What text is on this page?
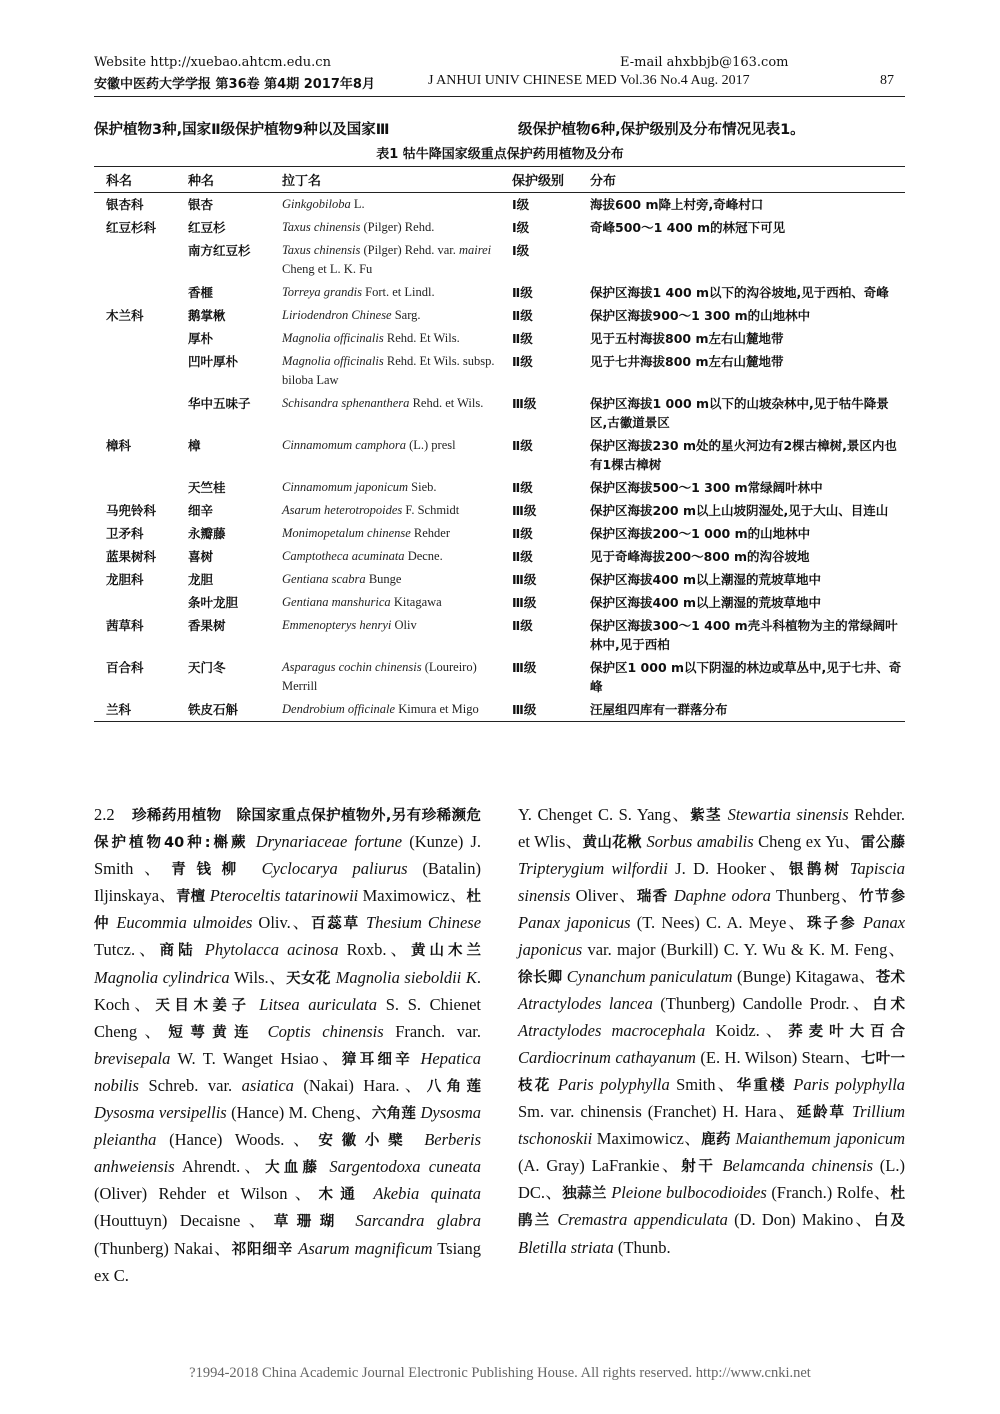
Website http://xuebao.ahtcm.edu.cn	E-mail ahxbbjb@163.com
安徽中医药大学学报 第36卷 第4期 2017年8月	J ANHUI UNIV CHINESE MED Vol.36 No.4 Aug. 2017	87
保护植物3种,国家Ⅱ级保护植物9种以及国家Ⅲ	级保护植物6种,保护级别及分布情况见表1。
表1 牯牛降国家级重点保护药用植物及分布
科名	种名	拉丁名	保护级别	分布
银杏科	银杏	Ginkgobiloba L.	Ⅰ级	海拔600 m降上村旁,奇峰村口
红豆杉科	红豆杉	Taxus chinensis (Pilger) Rehd.	Ⅰ级	奇峰500～1 400 m的林冠下可见
	南方红豆杉	Taxus chinensis (Pilger) Rehd. var. mairei Cheng et L. K. Fu	Ⅰ级	
	香榧	Torreya grandis Fort. et Lindl.	Ⅱ级	保护区海拔1 400 m以下的沟谷坡地,见于西柏、奇峰
木兰科	鹅掌楸	Liriodendron Chinese Sarg.	Ⅱ级	保护区海拔900～1 300 m的山地林中
	厚朴	Magnolia officinalis Rehd. Et Wils.	Ⅱ级	见于五村海拔800 m左右山麓地带
	凹叶厚朴	Magnolia officinalis Rehd. Et Wils. subsp. biloba Law	Ⅱ级	见于七井海拔800 m左右山麓地带
	华中五味子	Schisandra sphenanthera Rehd. et Wils.	Ⅲ级	保护区海拔1 000 m以下的山坡杂林中,见于牯牛降景区,古徽道景区
樟科	樟	Cinnamomum camphora (L.) presl	Ⅱ级	保护区海拔230 m处的星火河边有2棵古樟树,景区内也有1棵古樟树
	天竺桂	Cinnamomum japonicum Sieb.	Ⅱ级	保护区海拔500～1 300 m常绿阔叶林中
马兜铃科	细辛	Asarum heterotropoides F. Schmidt	Ⅲ级	保护区海拔200 m以上山坡阴湿处,见于大山、目连山
卫矛科	永瓣藤	Monimopetalum chinense Rehder	Ⅱ级	保护区海拔200～1 000 m的山地林中
蓝果树科	喜树	Camptotheca acuminata Decne.	Ⅱ级	见于奇峰海拔200～800 m的沟谷坡地
龙胆科	龙胆	Gentiana scabra Bunge	Ⅲ级	保护区海拔400 m以上潮湿的荒坡草地中
	条叶龙胆	Gentiana manshurica Kitagawa	Ⅲ级	保护区海拔400 m以上潮湿的荒坡草地中
茜草科	香果树	Emmenopterys henryi Oliv	Ⅱ级	保护区海拔300～1 400 m壳斗科植物为主的常绿阔叶林中,见于西柏
百合科	天门冬	Asparagus cochin chinensis (Loureiro) Merrill	Ⅲ级	保护区1 000 m以下阴湿的林边或草丛中,见于七井、奇峰
兰科	铁皮石斛	Dendrobium officinale Kimura et Migo	Ⅲ级	汪屋组四库有一群落分布
2.2　珍稀药用植物　除国家重点保护植物外,另有珍稀濒危保护植物40种:槲蕨 Drynariaceae fortune (Kunze) J. Smith、青钱柳 Cyclocarya paliurus (Batalin) Iljinskaya、青檀 Pteroceltis tatarinowii Maximowicz、杜仲 Eucommia ulmoides Oliv.、百蕊草 Thesium Chinese Tutcz.、商陆 Phytolacca acinosa Roxb.、黄山木兰 Magnolia cylindrica Wils.、天女花 Magnolia sieboldii K. Koch、天目木姜子 Litsea auriculata S. S. Chienet Cheng、短萼黄连 Coptis chinensis Franch. var. brevisepala W. T. Wanget Hsiao、獐耳细辛 Hepatica nobilis Schreb. var. asiatica (Nakai) Hara.、八角莲 Dysosma versipellis (Hance) M. Cheng、六角莲 Dysosma pleiantha (Hance) Woods.、安徽小檗 Berberis anhweiensis Ahrendt.、大血藤 Sargentodoxa cuneata (Oliver) Rehder et Wilson、木通 Akebia quinata (Houttuyn) Decaisne、草珊瑚 Sarcandra glabra (Thunberg) Nakai、祁阳细辛 Asarum magnificum Tsiang ex C.
Y. Chenget C. S. Yang、紫茎 Stewartia sinensis Rehder. et Wlis、黄山花楸 Sorbus amabilis Cheng ex Yu、雷公藤 Tripterygium wilfordii J. D. Hooker、银鹊树 Tapiscia sinensis Oliver、瑞香 Daphne odora Thunberg、竹节参 Panax japonicus (T. Nees) C. A. Meye、珠子参 Panax japonicus var. major (Burkill) C. Y. Wu & K. M. Feng、徐长卿 Cynanchum paniculatum (Bunge) Kitagawa、苍术 Atractylodes lancea (Thunberg) Candolle Prodr.、白术 Atractylodes macrocephala Koidz.、荞麦叶大百合 Cardiocrinum cathayanum (E. H. Wilson) Stearn、七叶一枝花 Paris polyphylla Smith、华重楼 Paris polyphylla Sm. var. chinensis (Franchet) H. Hara、延龄草 Trillium tschonoskii Maximowicz、鹿药 Maianthemum japonicum (A. Gray) LaFrankie、射干 Belamcanda chinensis (L.) DC.、独蒜兰 Pleione bulbocodioides (Franch.) Rolfe、杜鹃兰 Cremastra appendiculata (D. Don) Makino、白及 Bletilla striata (Thunb.
?1994-2018 China Academic Journal Electronic Publishing House. All rights reserved. http://www.cnki.net
